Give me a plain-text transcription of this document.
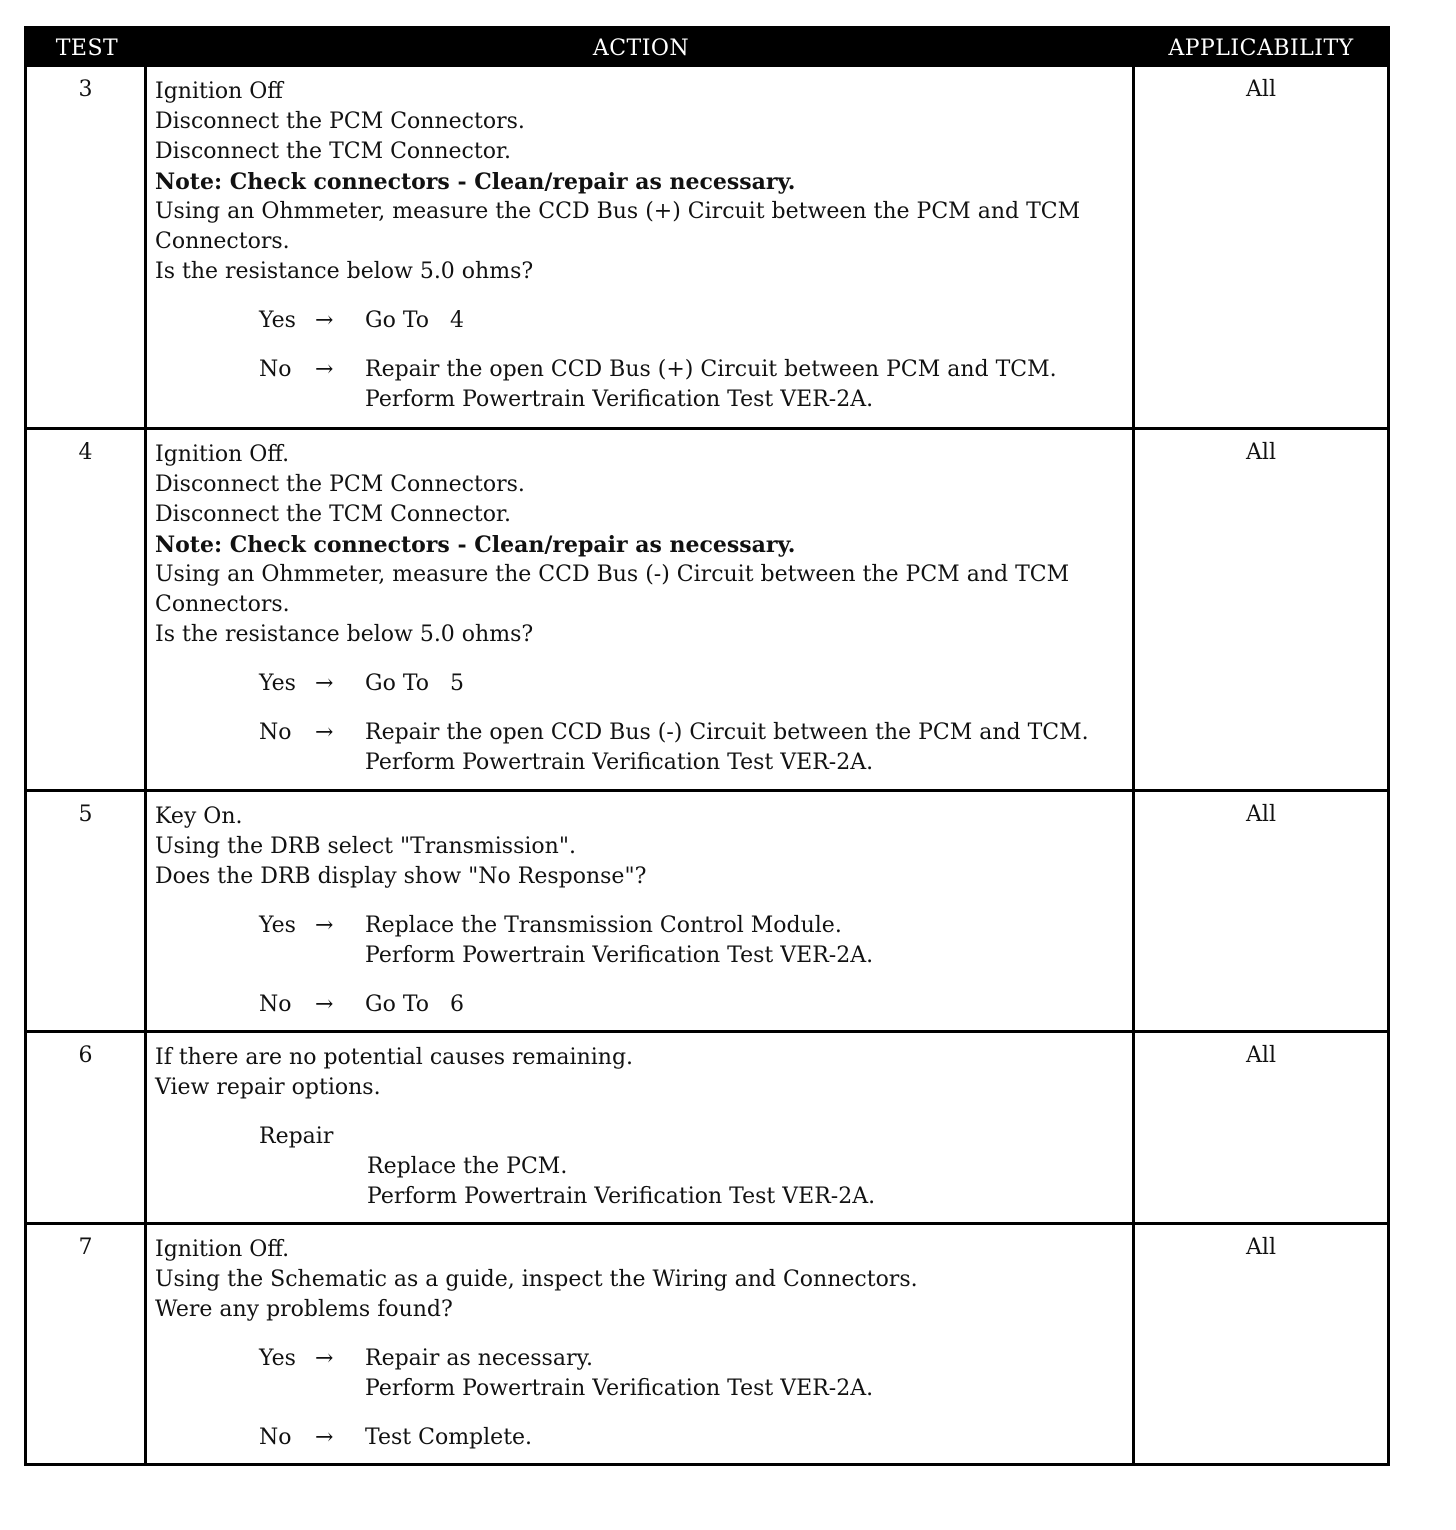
TEST	ACTION	APPLICABILITY
3	Ignition Off
Disconnect the PCM Connectors.
Disconnect the TCM Connector.
Note: Check connectors - Clean/repair as necessary.
Using an Ohmmeter, measure the CCD Bus (+) Circuit between the PCM and TCM
Connectors.
Is the resistance below 5.0 ohms?
Yes →	Go To   4
No	→	Repair the open CCD Bus (+) Circuit between PCM and TCM.
Perform Powertrain Verification Test VER-2A.
All
4	Ignition Off.
Disconnect the PCM Connectors.
Disconnect the TCM Connector.
Note: Check connectors - Clean/repair as necessary.
Using an Ohmmeter, measure the CCD Bus (-) Circuit between the PCM and TCM
Connectors.
Is the resistance below 5.0 ohms?
Yes →	Go To   5
No	→	Repair the open CCD Bus (-) Circuit between the PCM and TCM.
Perform Powertrain Verification Test VER-2A.
All
5	Key On.
Using the DRB select "Transmission".
Does the DRB display show "No Response"?
Yes →	Replace the Transmission Control Module.
Perform Powertrain Verification Test VER-2A.
No	→	Go To   6
All
6	If there are no potential causes remaining.
View repair options.
Repair
Replace the PCM.
Perform Powertrain Verification Test VER-2A.
All
7	Ignition Off.
Using the Schematic as a guide, inspect the Wiring and Connectors.
Were any problems found?
Yes →	Repair as necessary.
Perform Powertrain Verification Test VER-2A.
No	→	Test Complete.
All
